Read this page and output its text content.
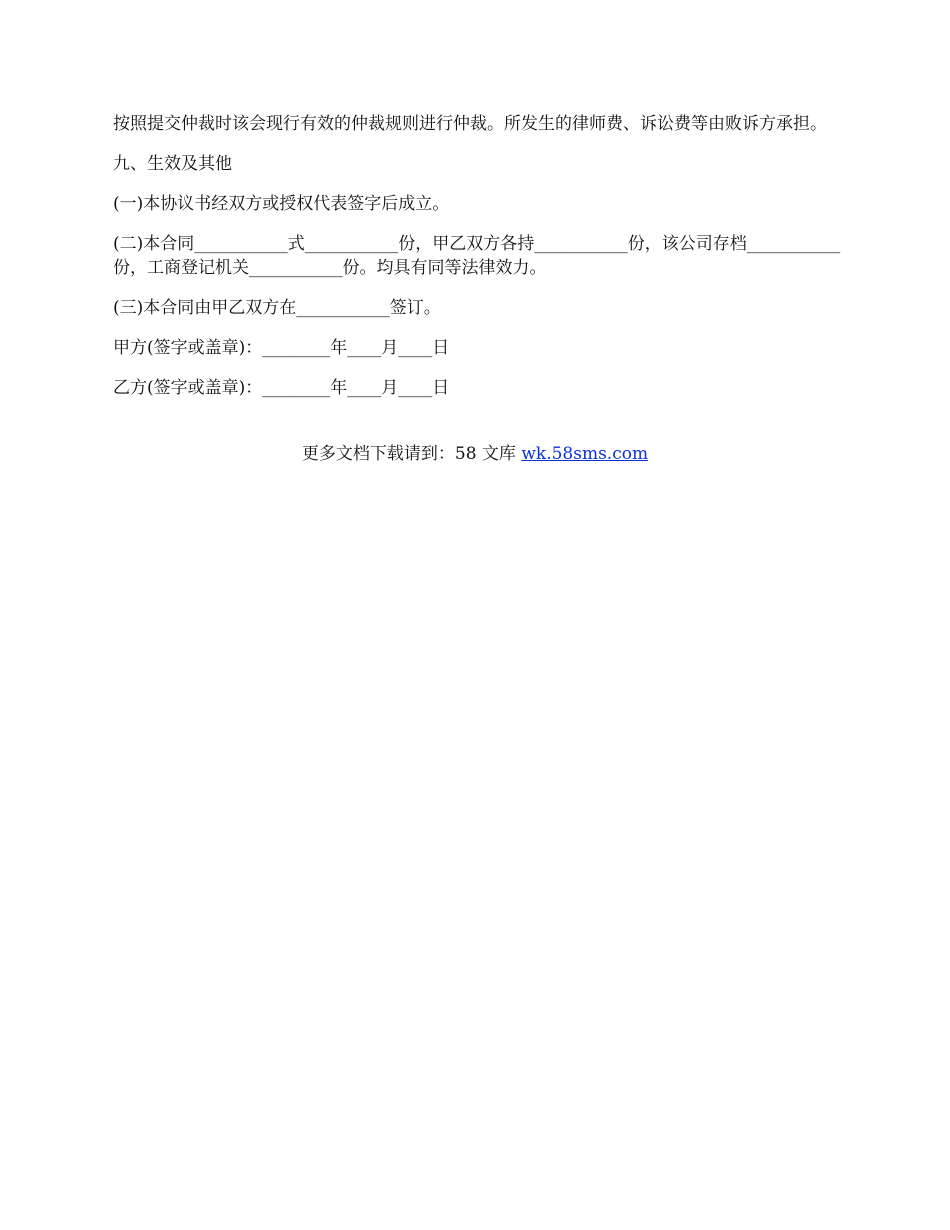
按照提交仲裁时该会现行有效的仲裁规则进行仲裁。所发生的律师费、诉讼费等由败诉方承担。

九、生效及其他

(一)本协议书经双方或授权代表签字后成立。

(二)本合同___________式___________份，甲乙双方各持___________份，该公司存档___________份，工商登记机关___________份。均具有同等法律效力。

(三)本合同由甲乙双方在___________签订。

甲方(签字或盖章)：________年____月____日

乙方(签字或盖章)：________年____月____日

更多文档下载请到：58 文库 wk.58sms.com
